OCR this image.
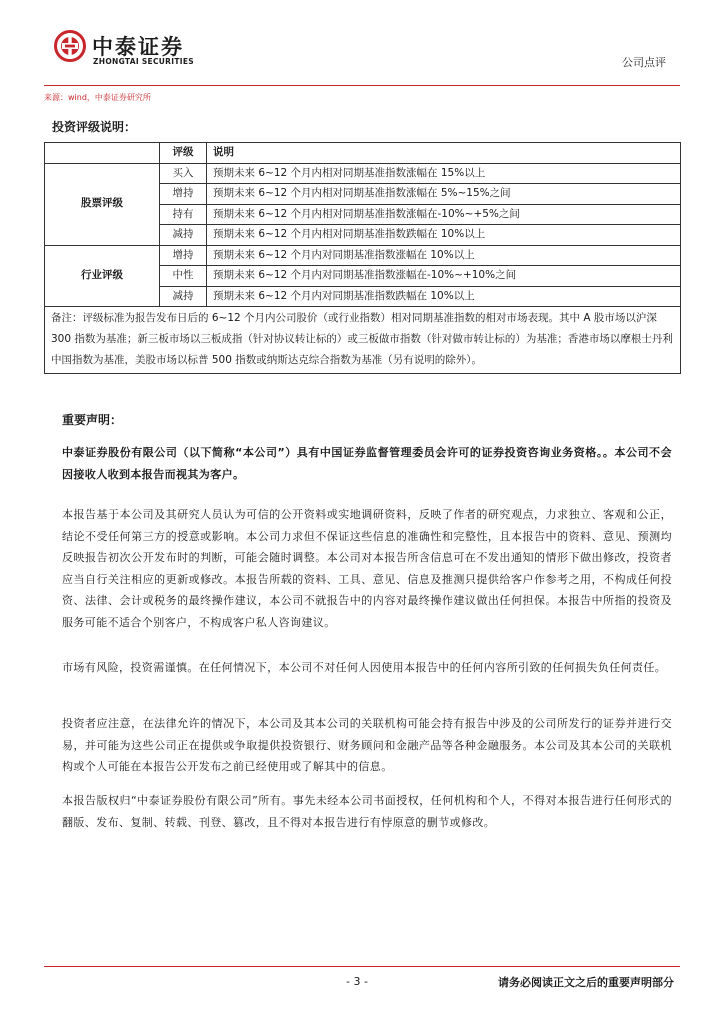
中泰证券
ZHONGTAI SECURITIES	公司点评
来源：wind，中泰证券研究所
投资评级说明：
	评级	说明
股票评级	买入	预期未来 6~12 个月内相对同期基准指数涨幅在 15%以上
	增持	预期未来 6~12 个月内相对同期基准指数涨幅在 5%~15%之间
	持有	预期未来 6~12 个月内相对同期基准指数涨幅在-10%~+5%之间
	减持	预期未来 6~12 个月内相对同期基准指数跌幅在 10%以上
行业评级	增持	预期未来 6~12 个月内对同期基准指数涨幅在 10%以上
	中性	预期未来 6~12 个月内对同期基准指数涨幅在-10%~+10%之间
	减持	预期未来 6~12 个月内对同期基准指数跌幅在 10%以上
备注：评级标准为报告发布日后的 6~12 个月内公司股价（或行业指数）相对同期基准指数的相对市场表现。其中 A 股市场以沪深 300 指数为基准；新三板市场以三板成指（针对协议转让标的）或三板做市指数（针对做市转让标的）为基准；香港市场以摩根士丹利中国指数为基准，美股市场以标普 500 指数或纳斯达克综合指数为基准（另有说明的除外）。		
重要声明：
中泰证券股份有限公司（以下简称“本公司”）具有中国证券监督管理委员会许可的证券投资咨询业务资格。。本公司不会因接收人收到本报告而视其为客户。
本报告基于本公司及其研究人员认为可信的公开资料或实地调研资料，反映了作者的研究观点，力求独立、客观和公正，结论不受任何第三方的授意或影响。本公司力求但不保证这些信息的准确性和完整性，且本报告中的资料、意见、预测均反映报告初次公开发布时的判断，可能会随时调整。本公司对本报告所含信息可在不发出通知的情形下做出修改，投资者应当自行关注相应的更新或修改。本报告所载的资料、工具、意见、信息及推测只提供给客户作参考之用，不构成任何投资、法律、会计或税务的最终操作建议，本公司不就报告中的内容对最终操作建议做出任何担保。本报告中所指的投资及服务可能不适合个别客户，不构成客户私人咨询建议。
市场有风险，投资需谨慎。在任何情况下，本公司不对任何人因使用本报告中的任何内容所引致的任何损失负任何责任。
投资者应注意，在法律允许的情况下，本公司及其本公司的关联机构可能会持有报告中涉及的公司所发行的证券并进行交易，并可能为这些公司正在提供或争取提供投资银行、财务顾问和金融产品等各种金融服务。本公司及其本公司的关联机构或个人可能在本报告公开发布之前已经使用或了解其中的信息。
本报告版权归“中泰证券股份有限公司”所有。事先未经本公司书面授权，任何机构和个人，不得对本报告进行任何形式的翻版、发布、复制、转载、刊登、篡改，且不得对本报告进行有悖原意的删节或修改。
- 3 -	请务必阅读正文之后的重要声明部分
